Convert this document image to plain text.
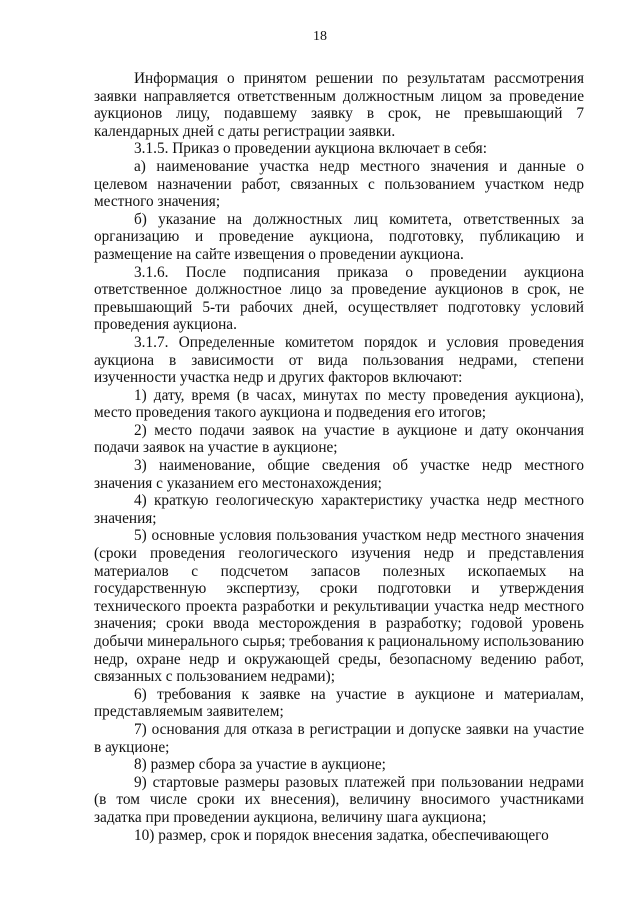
18

Информация о принятом решении по результатам рассмотрения заявки направляется ответственным должностным лицом за проведение аукционов лицу, подавшему заявку в срок, не превышающий 7 календарных дней с даты регистрации заявки.

3.1.5. Приказ о проведении аукциона включает в себя:

а) наименование участка недр местного значения и данные о целевом назначении работ, связанных с пользованием участком недр местного значения;

б) указание на должностных лиц комитета, ответственных за организацию и проведение аукциона, подготовку, публикацию и размещение на сайте извещения о проведении аукциона.

3.1.6. После подписания приказа о проведении аукциона ответственное должностное лицо за проведение аукционов в срок, не превышающий 5-ти рабочих дней, осуществляет подготовку условий проведения аукциона.

3.1.7. Определенные комитетом порядок и условия проведения аукциона в зависимости от вида пользования недрами, степени изученности участка недр и других факторов включают:

1) дату, время (в часах, минутах по месту проведения аукциона), место проведения такого аукциона и подведения его итогов;

2) место подачи заявок на участие в аукционе и дату окончания подачи заявок на участие в аукционе;

3) наименование, общие сведения об участке недр местного значения с указанием его местонахождения;

4) краткую геологическую характеристику участка недр местного значения;

5) основные условия пользования участком недр местного значения (сроки проведения геологического изучения недр и представления материалов с подсчетом запасов полезных ископаемых на государственную экспертизу, сроки подготовки и утверждения технического проекта разработки и рекультивации участка недр местного значения; сроки ввода месторождения в разработку; годовой уровень добычи минерального сырья; требования к рациональному использованию недр, охране недр и окружающей среды, безопасному ведению работ, связанных с пользованием недрами);

6) требования к заявке на участие в аукционе и материалам, представляемым заявителем;

7) основания для отказа в регистрации и допуске заявки на участие в аукционе;

8) размер сбора за участие в аукционе;

9) стартовые размеры разовых платежей при пользовании недрами (в том числе сроки их внесения), величину вносимого участниками задатка при проведении аукциона, величину шага аукциона;

10) размер, срок и порядок внесения задатка, обеспечивающего
